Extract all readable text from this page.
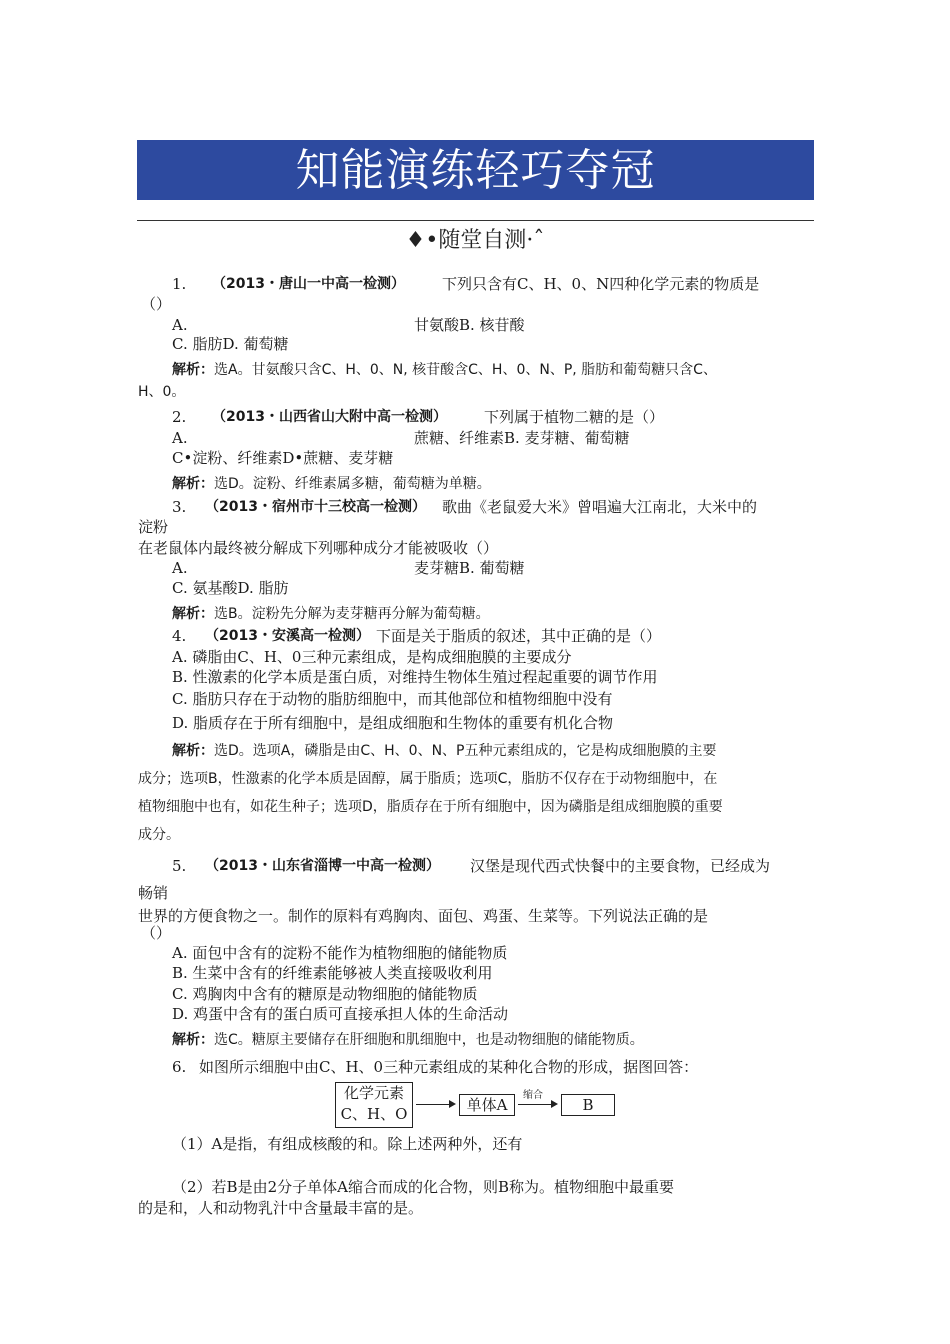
知能演练轻巧夺冠
♦•随堂自测·ˆ
1. （2013・唐山一中高一检测） 下列只含有C、H、0、N四种化学元素的物质是
（）
A.	甘氨酸B. 核苷酸
C. 脂肪D. 葡萄糖
解析：选A。甘氨酸只含C、H、0、N, 核苷酸含C、H、0、N、P, 脂肪和葡萄糖只含C、
H、0。
2. （2013・山西省山大附中高一检测） 下列属于植物二糖的是（）
A.	蔗糖、纤维素B. 麦芽糖、葡萄糖
C•淀粉、纤维素D•蔗糖、麦芽糖
解析：选D。淀粉、纤维素属多糖，葡萄糖为单糖。
3. （2013・宿州市十三校高一检测） 歌曲《老鼠爱大米》曾唱遍大江南北，大米中的
淀粉
在老鼠体内最终被分解成下列哪种成分才能被吸收（）
A.	麦芽糖B. 葡萄糖
C. 氨基酸D. 脂肪
解析：选B。淀粉先分解为麦芽糖再分解为葡萄糖。
4. （2013・安溪高一检测） 下面是关于脂质的叙述，其中正确的是（）
A. 磷脂由C、H、0三种元素组成，是构成细胞膜的主要成分
B. 性激素的化学本质是蛋白质，对维持生物体生殖过程起重要的调节作用
C. 脂肪只存在于动物的脂肪细胞中，而其他部位和植物细胞中没有
D. 脂质存在于所有细胞中，是组成细胞和生物体的重要有机化合物
解析：选D。选项A，磷脂是由C、H、0、N、P五种元素组成的，它是构成细胞膜的主要
成分；选项B，性激素的化学本质是固醇，属于脂质；选项C，脂肪不仅存在于动物细胞中，在
植物细胞中也有，如花生种子；选项D，脂质存在于所有细胞中，因为磷脂是组成细胞膜的重要
成分。
5. （2013・山东省淄博一中高一检测） 汉堡是现代西式快餐中的主要食物，已经成为
畅销
世界的方便食物之一。制作的原料有鸡胸肉、面包、鸡蛋、生菜等。下列说法正确的是
（）
A. 面包中含有的淀粉不能作为植物细胞的储能物质
B. 生菜中含有的纤维素能够被人类直接吸收利用
C. 鸡胸肉中含有的糖原是动物细胞的储能物质
D. 鸡蛋中含有的蛋白质可直接承担人体的生命活动
解析：选C。糖原主要储存在肝细胞和肌细胞中，也是动物细胞的储能物质。
6. 如图所示细胞中由C、H、0三种元素组成的某种化合物的形成，据图回答：
化学元素
C、H、O	单体A
缩合
B
（1）A是指，有组成核酸的和。除上述两种外，还有
（2）若B是由2分子单体A缩合而成的化合物，则B称为。植物细胞中最重要
的是和，人和动物乳汁中含量最丰富的是。
